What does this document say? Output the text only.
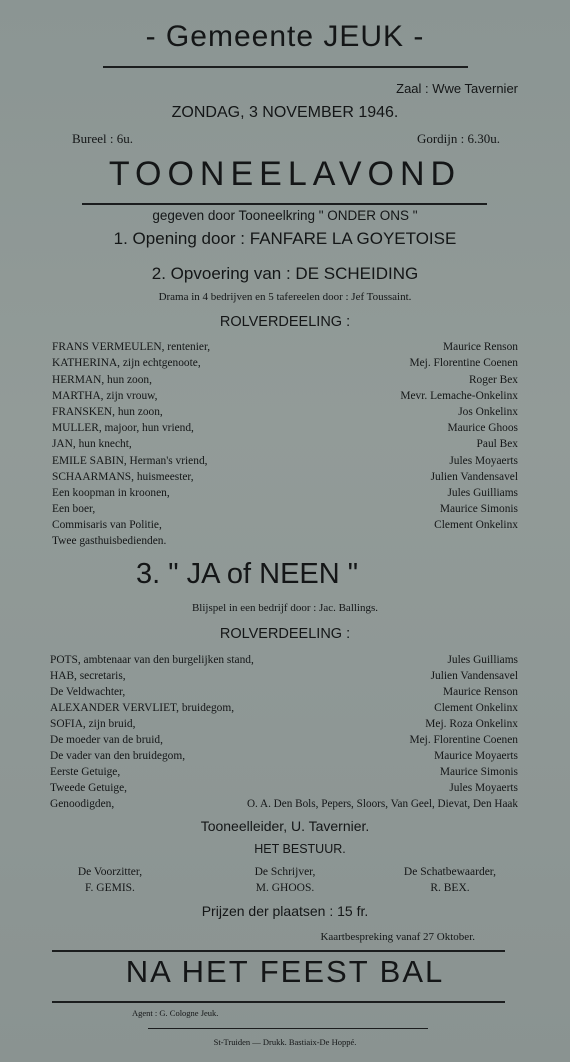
- Gemeente JEUK -
Zaal : Wwe Tavernier
ZONDAG, 3 NOVEMBER 1946.
Bureel : 6u.	Gordijn : 6.30u.
TOONEELAVOND
gegeven door Tooneelkring " ONDER ONS "
1. Opening door : FANFARE LA GOYETOISE
2. Opvoering van : DE SCHEIDING
Drama in 4 bedrijven en 5 tafereelen door : Jef Toussaint.
ROLVERDEELING :
FRANS VERMEULEN, rentenier,	Maurice Renson
KATHERINA, zijn echtgenoote,	Mej. Florentine Coenen
HERMAN, hun zoon,	Roger Bex
MARTHA, zijn vrouw,	Mevr. Lemache-Onkelinx
FRANSKEN, hun zoon,	Jos Onkelinx
MULLER, majoor, hun vriend,	Maurice Ghoos
JAN, hun knecht,	Paul Bex
EMILE SABIN, Herman's vriend,	Jules Moyaerts
SCHAARMANS, huismeester,	Julien Vandensavel
Een koopman in kroonen,	Jules Guilliams
Een boer,	Maurice Simonis
Commisaris van Politie,	Clement Onkelinx
Twee gasthuisbedienden.
3. " JA of NEEN "
Blijspel in een bedrijf door : Jac. Ballings.
ROLVERDEELING :
POTS, ambtenaar van den burgelijken stand,	Jules Guilliams
HAB, secretaris,	Julien Vandensavel
De Veldwachter,	Maurice Renson
ALEXANDER VERVLIET, bruidegom,	Clement Onkelinx
SOFIA, zijn bruid,	Mej. Roza Onkelinx
De moeder van de bruid,	Mej. Florentine Coenen
De vader van den bruidegom,	Maurice Moyaerts
Eerste Getuige,	Maurice Simonis
Tweede Getuige,	Jules Moyaerts
Genoodigden,	O. A. Den Bols, Pepers, Sloors, Van Geel, Dievat, Den Haak
Tooneelleider, U. Tavernier.
HET BESTUUR.
De Voorzitter,
F. GEMIS.
De Schrijver,
M. GHOOS.
De Schatbewaarder,
R. BEX.
Prijzen der plaatsen : 15 fr.
Kaartbespreking vanaf 27 Oktober.
NA HET FEEST BAL
Agent : G. Cologne Jeuk.
St-Truiden — Drukk. Bastiaix-De Hoppé.
